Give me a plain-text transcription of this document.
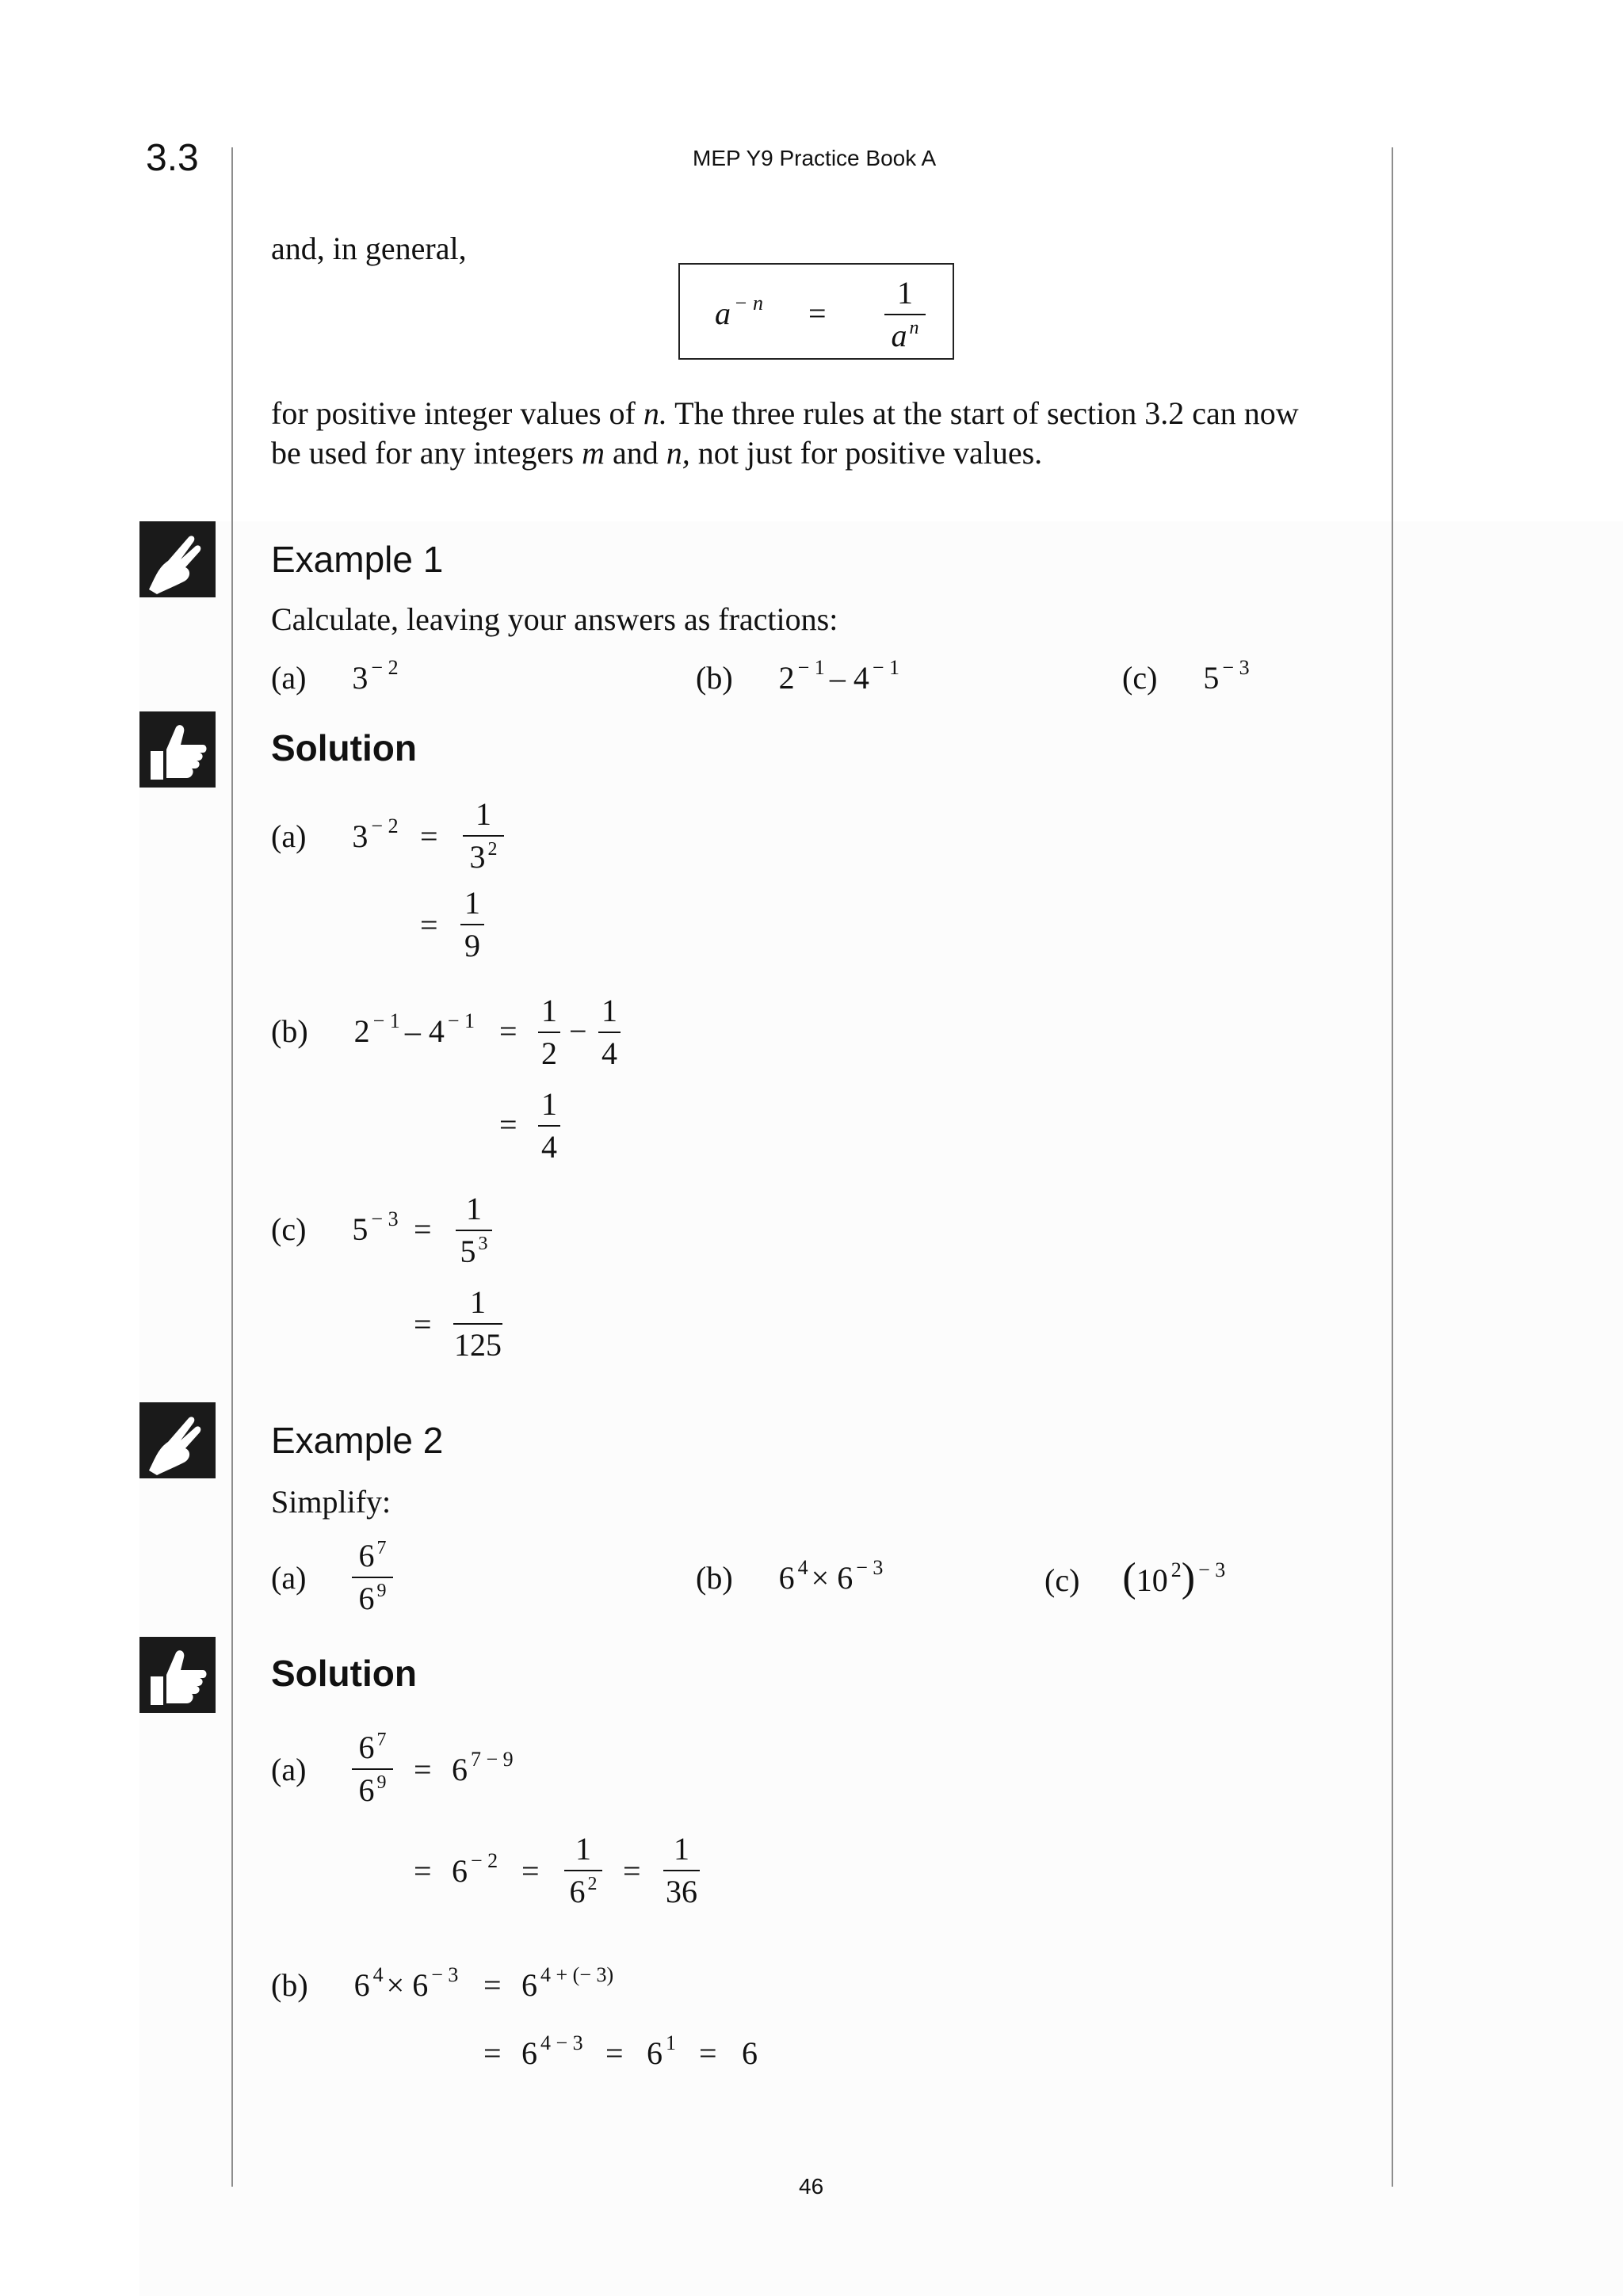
3.3	MEP Y9 Practice Book A
and, in general,
a $^{- n}$ =
1
a $^n$
for positive integer values of n. The three rules at the start of section 3.2 can now
be used for any integers m and n, not just for positive values.
Example 1
Calculate, leaving your answers as fractions:
(a) 3 $^{- 2}$	(b) 2 $^{- 1}$ – 4 $^{- 1}$	(c) 5 $^{- 3}$
Solution
(a) 3 $^{- 2}$ =
1
3 $^2$
=
1
9
(b) 2 $^{- 1}$ – 4 $^{- 1}$ =
1
2
−
1
4
=
1
4
(c) 5 $^{- 3}$ =
1
5 $^3$
=
1
125
Example 2
Simplify:
(a)
6 $^7$
6 $^9$	(b) 6 $^4$ × 6 $^{- 3}$	(c) (10 $^2$) $^{- 3}$
Solution
(a)
6 $^7$
6 $^9$ = 6 $^{7 - 9}$
= 6 $^{- 2}$ =
1
6 $^2$ =
1
36
(b) 6 $^4$ × 6 $^{- 3}$ = 6 $^{4 + (- 3)}$
= 6 $^{4 - 3}$ = 6 $^1$ = 6
46
